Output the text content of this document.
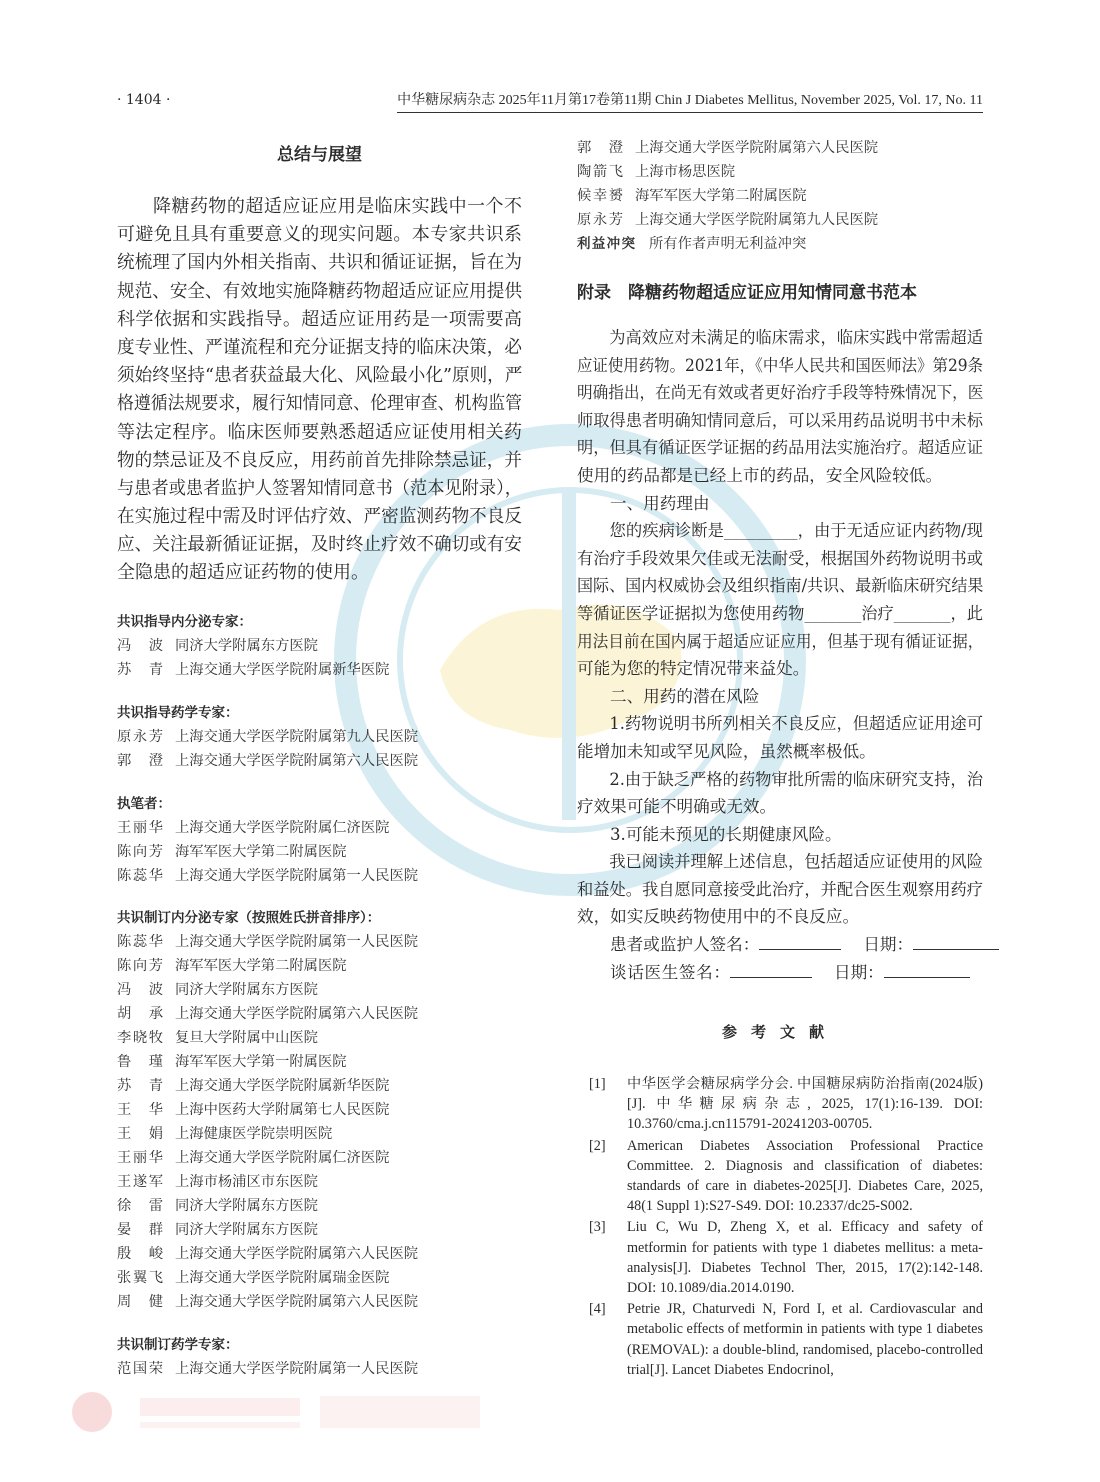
· 1404 ·	中华糖尿病杂志 2025年11月第17卷第11期 Chin J Diabetes Mellitus, November 2025, Vol. 17, No. 11
总结与展望
降糖药物的超适应证应用是临床实践中一个不
可避免且具有重要意义的现实问题。本专家共识系
统梳理了国内外相关指南、共识和循证证据，旨在为
规范、安全、有效地实施降糖药物超适应证应用提供
科学依据和实践指导。超适应证用药是一项需要高
度专业性、严谨流程和充分证据支持的临床决策，必
须始终坚持“患者获益最大化、风险最小化”原则，严
格遵循法规要求，履行知情同意、伦理审查、机构监管
等法定程序。临床医师要熟悉超适应证使用相关药
物的禁忌证及不良反应，用药前首先排除禁忌证，并
与患者或患者监护人签署知情同意书（范本见附录），
在实施过程中需及时评估疗效、严密监测药物不良反
应、关注最新循证证据，及时终止疗效不确切或有安
全隐患的超适应证药物的使用。
共识指导内分泌专家：
冯波 同济大学附属东方医院
苏青 上海交通大学医学院附属新华医院
共识指导药学专家：
原永芳 上海交通大学医学院附属第九人民医院
郭澄 上海交通大学医学院附属第六人民医院
执笔者：
王丽华 上海交通大学医学院附属仁济医院
陈向芳 海军军医大学第二附属医院
陈蕊华 上海交通大学医学院附属第一人民医院
共识制订内分泌专家（按照姓氏拼音排序）：
陈蕊华 上海交通大学医学院附属第一人民医院
陈向芳 海军军医大学第二附属医院
冯波 同济大学附属东方医院
胡承 上海交通大学医学院附属第六人民医院
李晓牧 复旦大学附属中山医院
鲁瑾 海军军医大学第一附属医院
苏青 上海交通大学医学院附属新华医院
王华 上海中医药大学附属第七人民医院
王娟 上海健康医学院崇明医院
王丽华 上海交通大学医学院附属仁济医院
王遂军 上海市杨浦区市东医院
徐雷 同济大学附属东方医院
晏群 同济大学附属东方医院
殷峻 上海交通大学医学院附属第六人民医院
张翼飞 上海交通大学医学院附属瑞金医院
周健 上海交通大学医学院附属第六人民医院
共识制订药学专家：
范国荣 上海交通大学医学院附属第一人民医院
郭澄 上海交通大学医学院附属第六人民医院
陶箭飞 上海市杨思医院
候幸赟 海军军医大学第二附属医院
原永芳 上海交通大学医学院附属第九人民医院
利益冲突 所有作者声明无利益冲突
附录　降糖药物超适应证应用知情同意书范本
为高效应对未满足的临床需求，临床实践中常需超适
应证使用药物。2021年，《中华人民共和国医师法》第29条
明确指出，在尚无有效或者更好治疗手段等特殊情况下，医
师取得患者明确知情同意后，可以采用药品说明书中未标
明，但具有循证医学证据的药品用法实施治疗。超适应证
使用的药品都是已经上市的药品，安全风险较低。
一、用药理由
您的疾病诊断是_________，由于无适应证内药物/现
有治疗手段效果欠佳或无法耐受，根据国外药物说明书或
国际、国内权威协会及组织指南/共识、最新临床研究结果
等循证医学证据拟为您使用药物_______治疗_______，此
用法目前在国内属于超适应证应用，但基于现有循证证据，
可能为您的特定情况带来益处。
二、用药的潜在风险
1.药物说明书所列相关不良反应，但超适应证用途可
能增加未知或罕见风险，虽然概率极低。
2.由于缺乏严格的药物审批所需的临床研究支持，治
疗效果可能不明确或无效。
3.可能未预见的长期健康风险。
我已阅读并理解上述信息，包括超适应证使用的风险
和益处。我自愿同意接受此治疗，并配合医生观察用药疗
效，如实反映药物使用中的不良反应。
患者或监护人签名：	日期：
谈话医生签名：	日期：
参考文献
[1]	中华医学会糖尿病学分会. 中国糖尿病防治指南(2024版)[J]. 中华糖尿病杂志, 2025, 17(1):16-139. DOI: 10.3760/cma.j.cn115791-20241203-00705.
[2]	American Diabetes Association Professional Practice Committee. 2. Diagnosis and classification of diabetes: standards of care in diabetes-2025[J]. Diabetes Care, 2025, 48(1 Suppl 1):S27-S49. DOI: 10.2337/dc25-S002.
[3]	Liu C, Wu D, Zheng X, et al. Efficacy and safety of metformin for patients with type 1 diabetes mellitus: a meta-analysis[J]. Diabetes Technol Ther, 2015, 17(2):142-148. DOI: 10.1089/dia.2014.0190.
[4]	Petrie JR, Chaturvedi N, Ford I, et al. Cardiovascular and metabolic effects of metformin in patients with type 1 diabetes (REMOVAL): a double-blind, randomised, placebo-controlled trial[J]. Lancet Diabetes Endocrinol,
